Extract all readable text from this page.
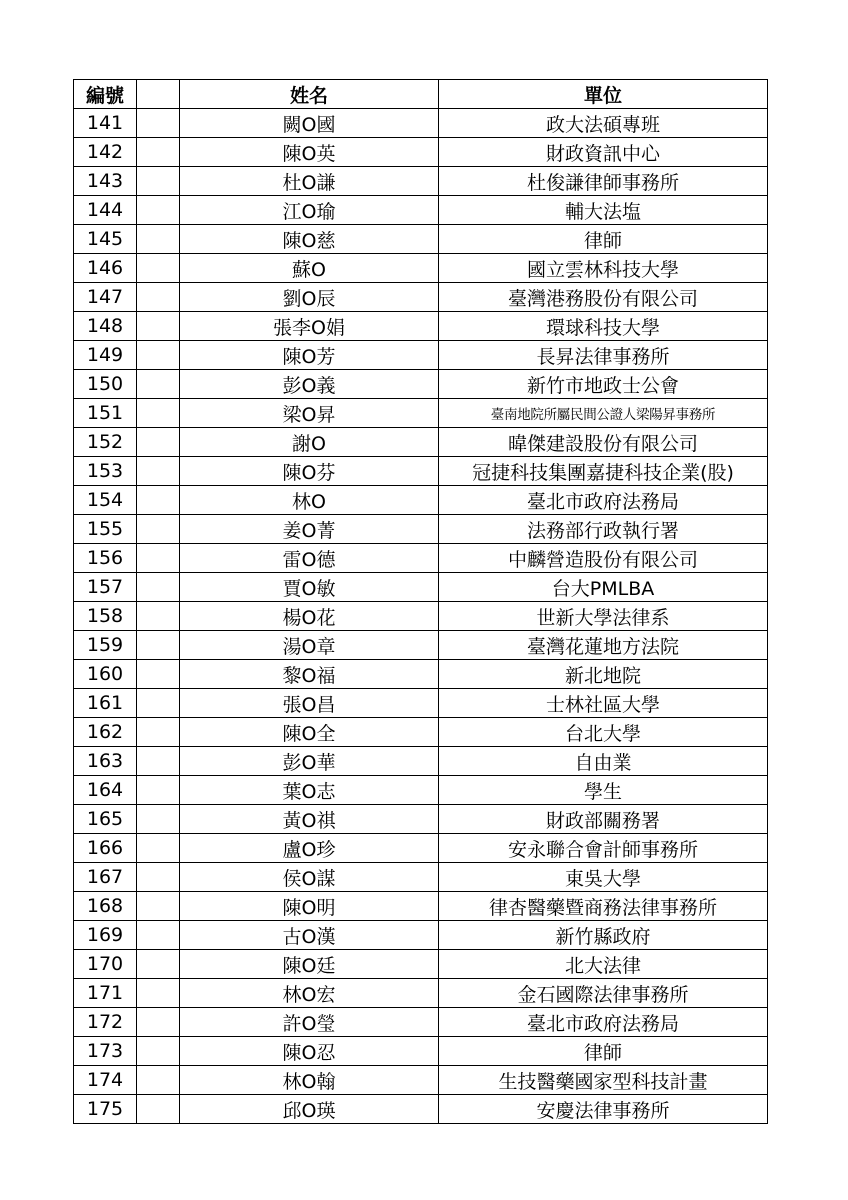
編號		姓名	單位
141		闕O國	政大法碩專班
142		陳O英	財政資訊中心
143		杜O謙	杜俊謙律師事務所
144		江O瑜	輔大法塩
145		陳O慈	律師
146		蘇O	國立雲林科技大學
147		劉O辰	臺灣港務股份有限公司
148		張李O娟	環球科技大學
149		陳O芳	長昇法律事務所
150		彭O義	新竹市地政士公會
151		梁O昇	臺南地院所屬民間公證人梁陽昇事務所
152		謝O	暐傑建設股份有限公司
153		陳O芬	冠捷科技集團嘉捷科技企業(股)
154		林O	臺北市政府法務局
155		姜O菁	法務部行政執行署
156		雷O德	中麟營造股份有限公司
157		賈O敏	台大PMLBA
158		楊O花	世新大學法律系
159		湯O章	臺灣花蓮地方法院
160		黎O福	新北地院
161		張O昌	士林社區大學
162		陳O全	台北大學
163		彭O華	自由業
164		葉O志	學生
165		黃O祺	財政部關務署
166		盧O珍	安永聯合會計師事務所
167		侯O謀	東吳大學
168		陳O明	律杏醫藥暨商務法律事務所
169		古O漢	新竹縣政府
170		陳O廷	北大法律
171		林O宏	金石國際法律事務所
172		許O瑩	臺北市政府法務局
173		陳O忍	律師
174		林O翰	生技醫藥國家型科技計畫
175		邱O瑛	安慶法律事務所
